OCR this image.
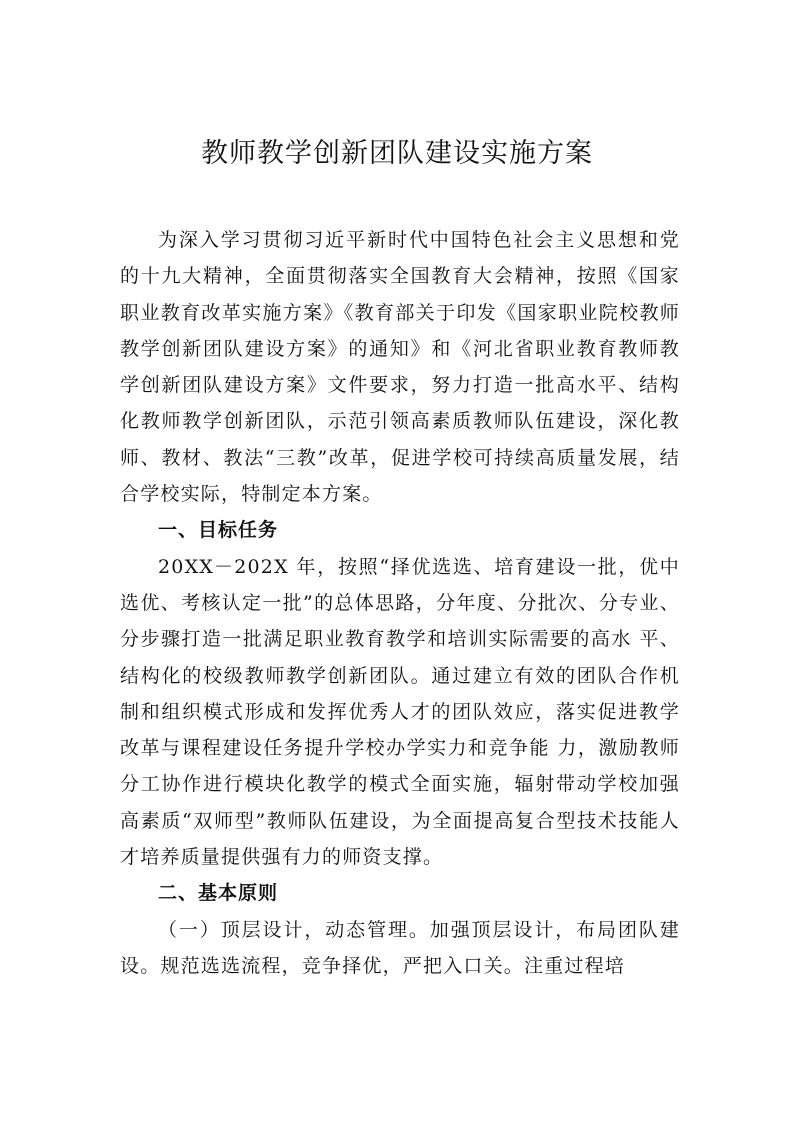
教师教学创新团队建设实施方案

为深入学习贯彻习近平新时代中国特色社会主义思想和党的十九大精神，全面贯彻落实全国教育大会精神，按照《国家职业教育改革实施方案》《教育部关于印发《国家职业院校教师教学创新团队建设方案》的通知》和《河北省职业教育教师教学创新团队建设方案》文件要求，努力打造一批高水平、结构化教师教学创新团队，示范引领高素质教师队伍建设，深化教师、教材、教法“三教”改革，促进学校可持续高质量发展，结合学校实际，特制定本方案。

一、目标任务

20XX－202X 年，按照“择优选选、培育建设一批，优中选优、考核认定一批”的总体思路，分年度、分批次、分专业、分步骤打造一批满足职业教育教学和培训实际需要的高水 平、结构化的校级教师教学创新团队。通过建立有效的团队合作机制和组织模式形成和发挥优秀人才的团队效应，落实促进教学改革与课程建设任务提升学校办学实力和竞争能 力，激励教师分工协作进行模块化教学的模式全面实施，辐射带动学校加强高素质“双师型”教师队伍建设，为全面提高复合型技术技能人才培养质量提供强有力的师资支撑。

二、基本原则

（一）顶层设计，动态管理。加强顶层设计，布局团队建设。规范选选流程，竞争择优，严把入口关。注重过程培
